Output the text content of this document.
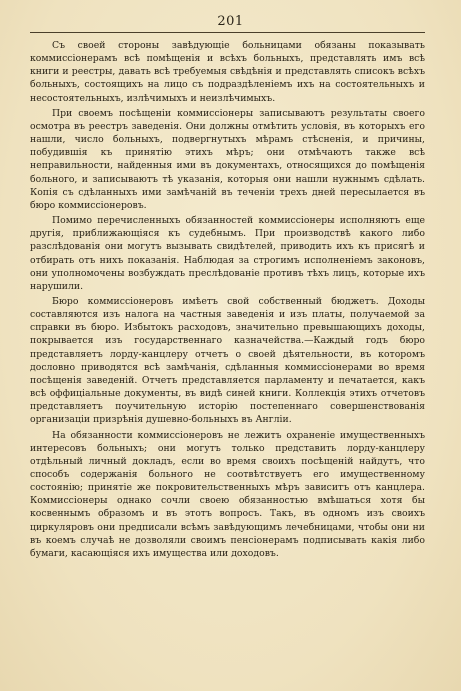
201

Съ своей стороны завѣдующіе больницами обязаны показывать коммиссіонерамъ всѣ помѣщенія и всѣхъ больныхъ, представлять имъ всѣ книги и реестры, давать всѣ требуемыя свѣдѣнія и представлять списокъ всѣхъ больныхъ, состоящихъ на лицо съ подраздѣленіемъ ихъ на состоятельныхъ и несостоятельныхъ, излѣчимыхъ и неизлѣчимыхъ.

При своемъ посѣщеніи коммиссіонеры записываютъ результаты своего осмотра въ реестръ заведенія. Они должны отмѣтить условія, въ которыхъ его нашли, число больныхъ, подвергнутыхъ мѣрамъ стѣсненія, и причины, побудившія къ принятію этихъ мѣръ; они отмѣчаютъ также всѣ неправильности, найденныя ими въ документахъ, относящихся до помѣщенія больного, и записываютъ тѣ указанія, которыя они нашли нужнымъ сдѣлать. Копія съ сдѣланныхъ ими замѣчаній въ теченіи трехъ дней пересылается въ бюро коммиссіонеровъ.

Помимо перечисленныхъ обязанностей коммиссіонеры исполняютъ еще другія, приближающіяся къ судебнымъ. При производствѣ какого либо разслѣдованія они могутъ вызывать свидѣтелей, приводить ихъ къ присягѣ и отбирать отъ нихъ показанія. Наблюдая за строгимъ исполненіемъ законовъ, они уполномочены возбуждать преслѣдованіе противъ тѣхъ лицъ, которые ихъ нарушили.

Бюро коммиссіонеровъ имѣетъ свой собственный бюджетъ. Доходы составляются изъ налога на частныя заведенія и изъ платы, получаемой за справки въ бюро. Избытокъ расходовъ, значительно превышающихъ доходы, покрывается изъ государственнаго казначейства.—Каждый годъ бюро представляетъ лорду-канцлеру отчетъ о своей дѣятельности, въ которомъ дословно приводятся всѣ замѣчанія, сдѣланныя коммиссіонерами во время посѣщенія заведеній. Отчетъ представляется парламенту и печатается, какъ всѣ оффиціальные документы, въ видѣ синей книги. Коллекція этихъ отчетовъ представляетъ поучительную исторію постепеннаго совершенствованія организаціи призрѣнія душевно-больныхъ въ Англіи.

На обязанности коммиссіонеровъ не лежитъ охраненіе имущественныхъ интересовъ больныхъ; они могутъ только представить лорду-канцлеру отдѣльный личный докладъ, если во время своихъ посѣщеній найдутъ, что способъ содержанія больного не соотвѣтствуетъ его имущественному состоянію; принятіе же покровительственныхъ мѣръ зависитъ отъ канцлера. Коммиссіонеры однако сочли своею обязанностью вмѣшаться хотя бы косвеннымъ образомъ и въ этотъ вопросъ. Такъ, въ одномъ изъ своихъ циркуляровъ они предписали всѣмъ завѣдующимъ лечебницами, чтобы они ни въ коемъ случаѣ не дозволяли своимъ пенсіонерамъ подписывать какія либо бумаги, касающіяся ихъ имущества или доходовъ.
